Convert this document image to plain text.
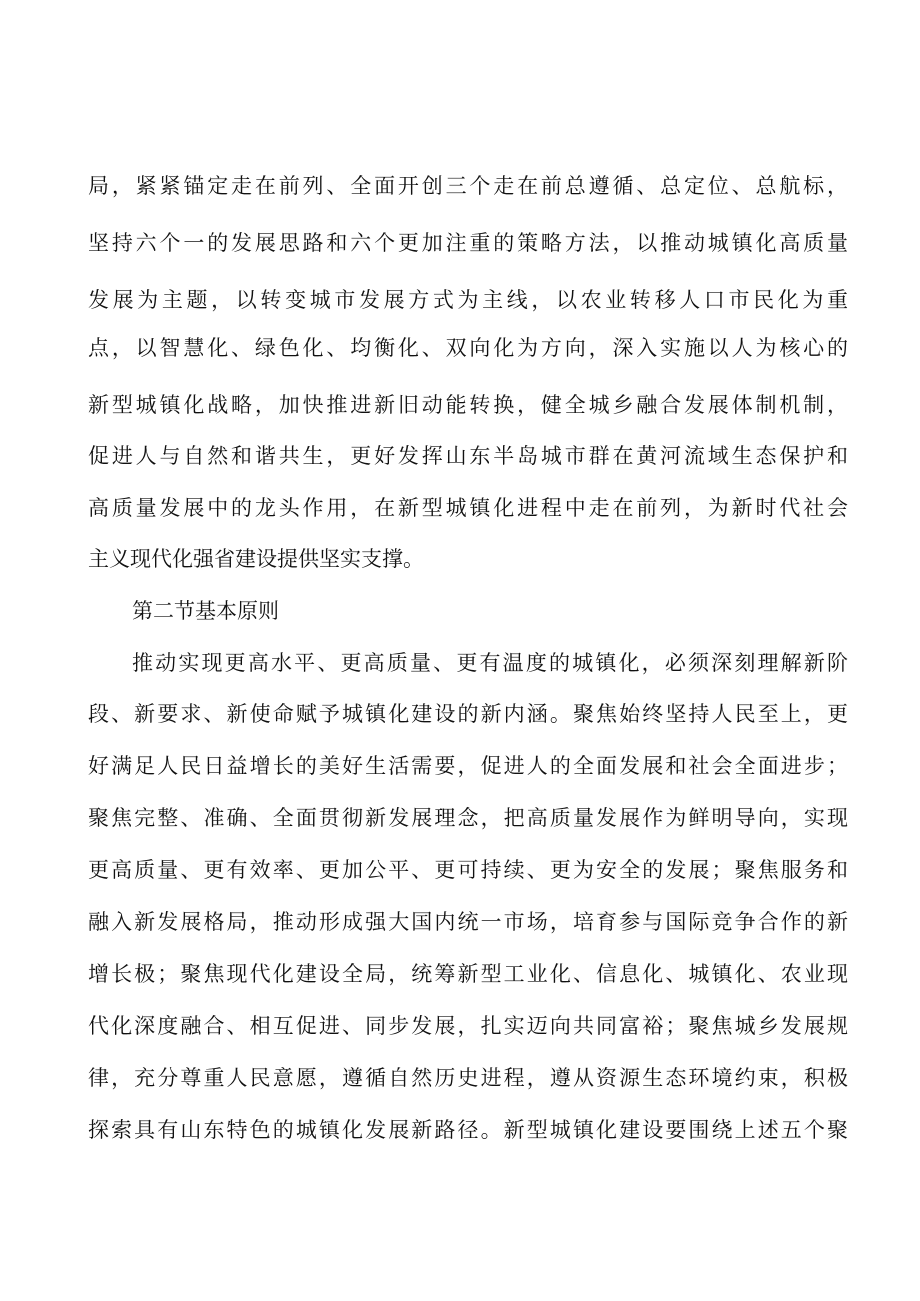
局，紧紧锚定走在前列、全面开创三个走在前总遵循、总定位、总航标，
坚持六个一的发展思路和六个更加注重的策略方法，以推动城镇化高质量
发展为主题，以转变城市发展方式为主线，以农业转移人口市民化为重
点，以智慧化、绿色化、均衡化、双向化为方向，深入实施以人为核心的
新型城镇化战略，加快推进新旧动能转换，健全城乡融合发展体制机制，
促进人与自然和谐共生，更好发挥山东半岛城市群在黄河流域生态保护和
高质量发展中的龙头作用，在新型城镇化进程中走在前列，为新时代社会
主义现代化强省建设提供坚实支撑。
第二节基本原则
推动实现更高水平、更高质量、更有温度的城镇化，必须深刻理解新阶
段、新要求、新使命赋予城镇化建设的新内涵。聚焦始终坚持人民至上，更
好满足人民日益增长的美好生活需要，促进人的全面发展和社会全面进步；
聚焦完整、准确、全面贯彻新发展理念，把高质量发展作为鲜明导向，实现
更高质量、更有效率、更加公平、更可持续、更为安全的发展；聚焦服务和
融入新发展格局，推动形成强大国内统一市场，培育参与国际竞争合作的新
增长极；聚焦现代化建设全局，统筹新型工业化、信息化、城镇化、农业现
代化深度融合、相互促进、同步发展，扎实迈向共同富裕；聚焦城乡发展规
律，充分尊重人民意愿，遵循自然历史进程，遵从资源生态环境约束，积极
探索具有山东特色的城镇化发展新路径。新型城镇化建设要围绕上述五个聚
